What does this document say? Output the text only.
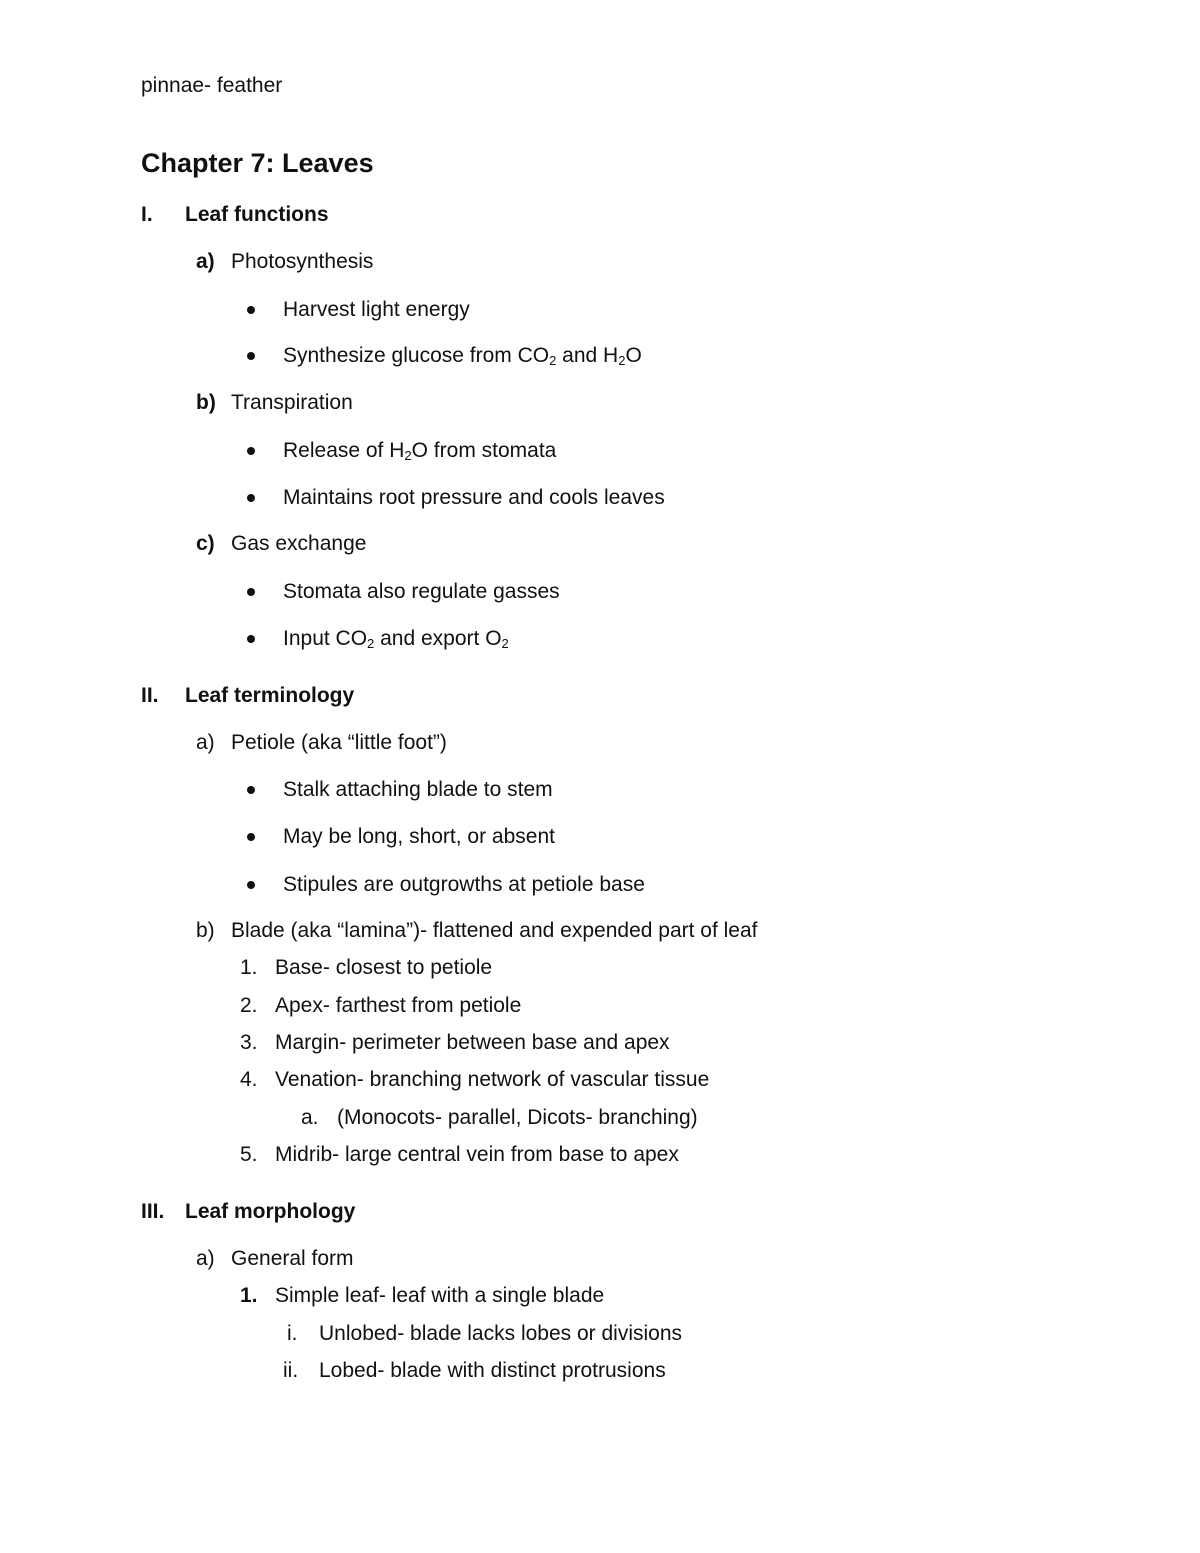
pinnae- feather
Chapter 7: Leaves
I. Leaf functions
a) Photosynthesis
Harvest light energy
Synthesize glucose from $CO_2$ and $H_2O$
b) Transpiration
Release of $H_2O$ from stomata
Maintains root pressure and cools leaves
c) Gas exchange
Stomata also regulate gasses
Input $CO_2$ and export $O_2$
II. Leaf terminology
a) Petiole (aka “little foot”)
Stalk attaching blade to stem
May be long, short, or absent
Stipules are outgrowths at petiole base
b) Blade (aka “lamina”)- flattened and expended part of leaf
1. Base- closest to petiole
2. Apex- farthest from petiole
3. Margin- perimeter between base and apex
4. Venation- branching network of vascular tissue
a. (Monocots- parallel, Dicots- branching)
5. Midrib- large central vein from base to apex
III. Leaf morphology
a) General form
1. Simple leaf- leaf with a single blade
i. Unlobed- blade lacks lobes or divisions
ii. Lobed- blade with distinct protrusions
